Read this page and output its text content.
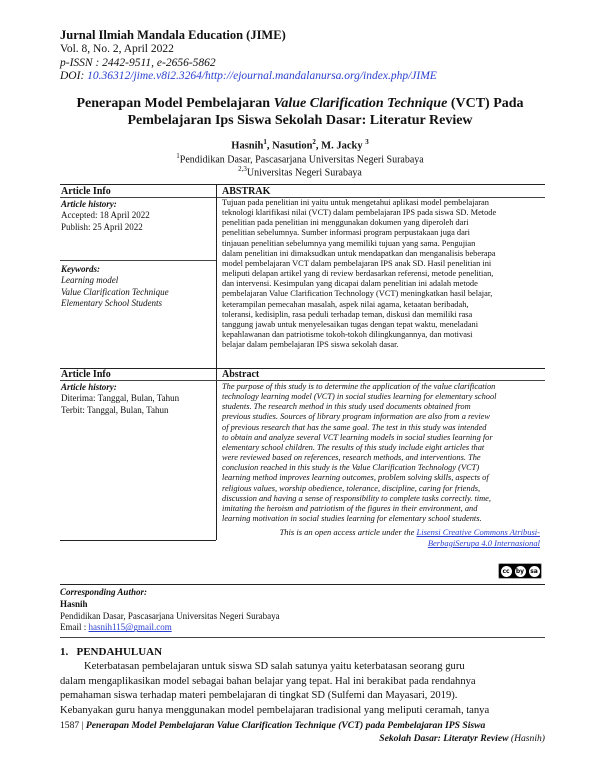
Jurnal Ilmiah Mandala Education (JIME)
Vol. 8, No. 2, April 2022
p-ISSN : 2442-9511, e-2656-5862
DOI: 10.36312/jime.v8i2.3264/http://ejournal.mandalanursa.org/index.php/JIME
Penerapan Model Pembelajaran Value Clarification Technique (VCT) Pada
Pembelajaran Ips Siswa Sekolah Dasar: Literatur Review
Hasnih$^1$, Nasution$^2$, M. Jacky $^3$
$^1$Pendidikan Dasar, Pascasarjana Universitas Negeri Surabaya
$^{2,3}$Universitas Negeri Surabaya
Article Info
Article history:
Accepted: 18 April 2022
Publish: 25 April 2022
Keywords:
Learning model
Value Clarification Technique
Elementary School Students
ABSTRAK
Tujuan pada penelitian ini yaitu untuk mengetahui aplikasi model pembelajaran
teknologi klarifikasi nilai (VCT) dalam pembelajaran IPS pada siswa SD. Metode
penelitian pada penelitian ini menggunakan dokumen yang diperoleh dari
penelitian sebelumnya. Sumber informasi program perpustakaan juga dari
tinjauan penelitian sebelumnya yang memiliki tujuan yang sama. Pengujian
dalam penelitian ini dimaksudkan untuk mendapatkan dan menganalisis beberapa
model pembelajaran VCT dalam pembelajaran IPS anak SD. Hasil penelitian ini
meliputi delapan artikel yang di review berdasarkan referensi, metode penelitian,
dan intervensi. Kesimpulan yang dicapai dalam penelitian ini adalah metode
pembelajaran Value Clarification Technology (VCT) meningkatkan hasil belajar,
keterampilan pemecahan masalah, aspek nilai agama, ketaatan beribadah,
toleransi, kedisiplin, rasa peduli terhadap teman, diskusi dan memiliki rasa
tanggung jawab untuk menyelesaikan tugas dengan tepat waktu, meneladani
kepahlawanan dan patriotisme tokoh-tokoh dilingkungannya, dan motivasi
belajar dalam pembelajaran IPS siswa sekolah dasar.
Article Info
Article history:
Diterima: Tanggal, Bulan, Tahun
Terbit: Tanggal, Bulan, Tahun
Abstract
The purpose of this study is to determine the application of the value clarification
technology learning model (VCT) in social studies learning for elementary school
students. The research method in this study used documents obtained from
previous studies. Sources of library program information are also from a review
of previous research that has the same goal. The test in this study was intended
to obtain and analyze several VCT learning models in social studies learning for
elementary school children. The results of this study include eight articles that
were reviewed based on references, research methods, and interventions. The
conclusion reached in this study is the Value Clarification Technology (VCT)
learning method improves learning outcomes, problem solving skills, aspects of
religious values, worship obedience, tolerance, discipline, caring for friends,
discussion and having a sense of responsibility to complete tasks correctly. time,
imitating the heroism and patriotism of the figures in their environment, and
learning motivation in social studies learning for elementary school students.
This is an open access article under the Lisensi Creative Commons Atribusi-
BerbagiSerupa 4.0 Internasional
cc	by sa
Corresponding Author:
Hasnih
Pendidikan Dasar, Pascasarjana Universitas Negeri Surabaya
Email : hasnih115@gmail.com
1. PENDAHULUAN
Keterbatasan pembelajaran untuk siswa SD salah satunya yaitu keterbatasan seorang guru
dalam mengaplikasikan model sebagai bahan belajar yang tepat. Hal ini berakibat pada rendahnya
pemahaman siswa terhadap materi pembelajaran di tingkat SD (Sulfemi dan Mayasari, 2019).
Kebanyakan guru hanya menggunakan model pembelajaran tradisional yang meliputi ceramah, tanya
1587 | Penerapan Model Pembelajaran Value Clarification Technique (VCT) pada Pembelajaran IPS Siswa
Sekolah Dasar: Literatyr Review (Hasnih)
